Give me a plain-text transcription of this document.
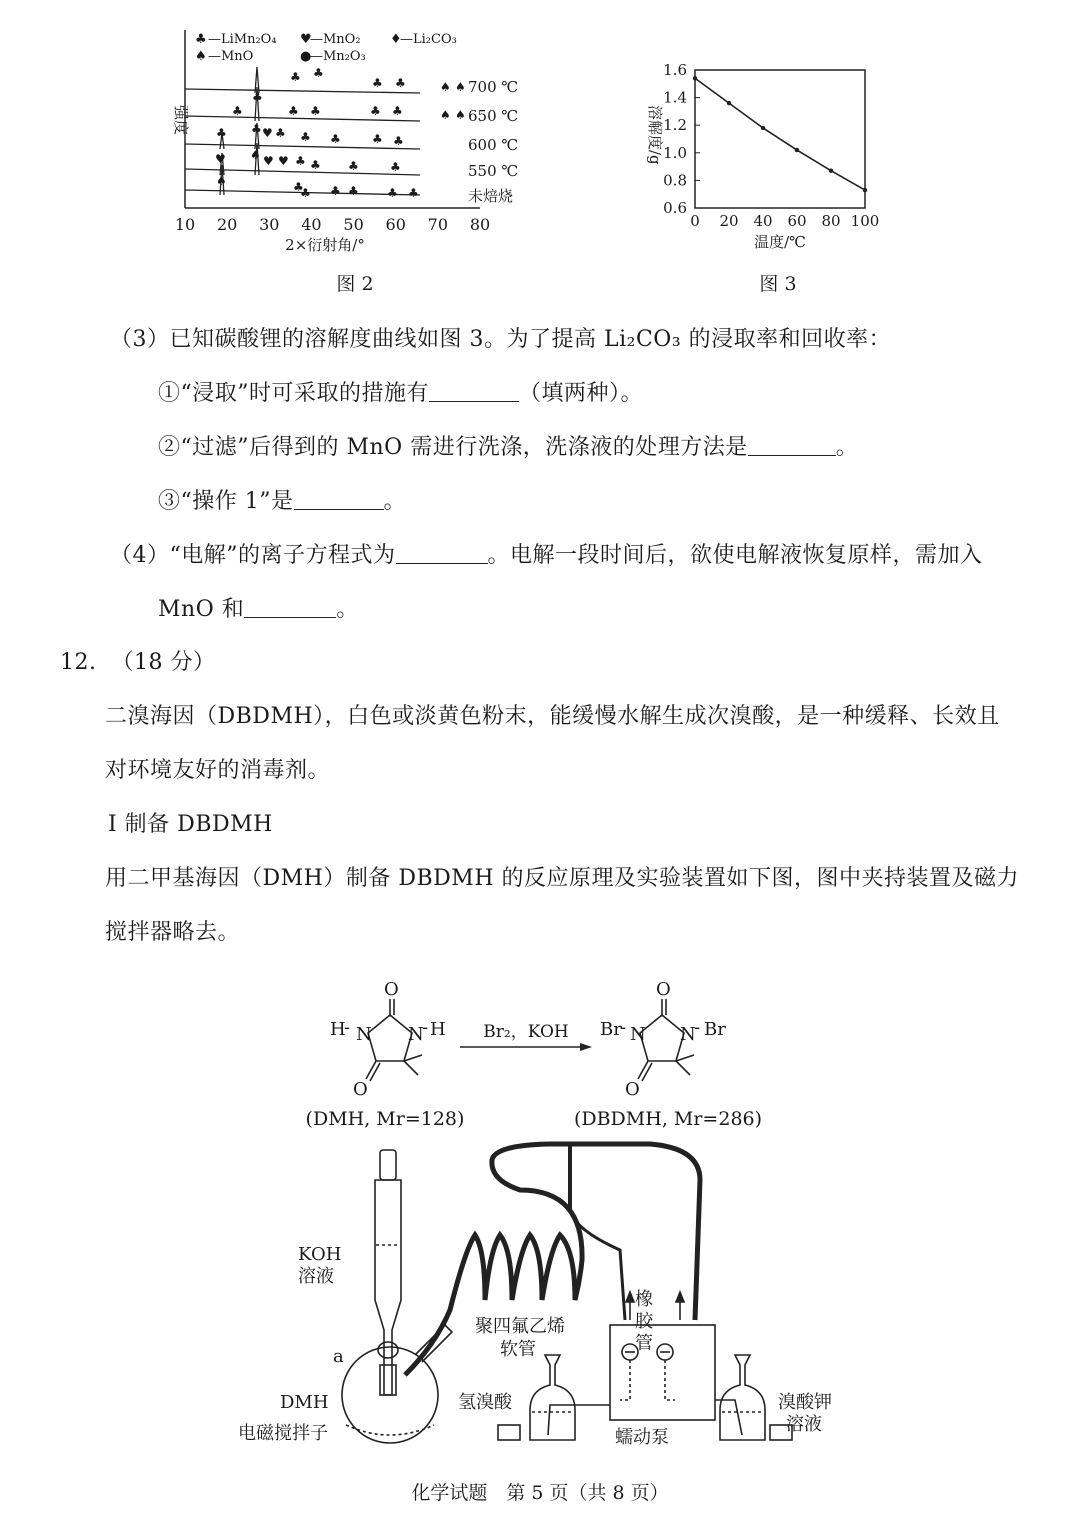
强度
10 20 30 40 50 60 70 80
2×衍射角/°
♣ —LiMn₂O₄ ♥
—MnO₂ ♦
—Li₂CO₃
♠ —MnO	●
—Mn₂O₃
♣ ♣
♣ ♣	♠ ♠
♣
♣
♣ ♣	♣ ♣	♠ ♠
♣ ♣ ♥ ♣ ♣ ♣	♣ ♣
♥ ♠ ♥ ♥ ♣ ♣ ♣	♣
♠	♣
♣ ♣ ♣ ♣ ♣
700 ℃
650 ℃
600 ℃
550 ℃
未焙烧
图 2
溶解度/g
1.6
1.4
1.2
1.0
0.8
0.6
0 20 40 60 80 100
温度/℃
图 3
（3）已知碳酸锂的溶解度曲线如图 3。为了提高 Li₂CO₃ 的浸取率和回收率：
①“浸取”时可采取的措施有	（填两种）。
②“过滤”后得到的 MnO 需进行洗涤，洗涤液的处理方法是	。
③“操作 1”是	。
（4）“电解”的离子方程式为	。电解一段时间后，欲使电解液恢复原样，需加入
MnO 和	。
12. （18 分）
二溴海因（DBDMH），白色或淡黄色粉末，能缓慢水解生成次溴酸，是一种缓释、长效且
对环境友好的消毒剂。
Ⅰ 制备 DBDMH
用二甲基海因（DMH）制备 DBDMH 的反应原理及实验装置如下图，图中夹持装置及磁力
搅拌器略去。
O
H
- N N
- H
O
Br₂，KOH
O
Br
- N N
- Br
O
(DMH, Mr=128)	(DBDMH, Mr=286)
KOH
溶液
a
DMH
电磁搅拌子
聚四氟乙烯
软管
橡
胶
管
氢溴酸
蠕动泵
溴酸钾
溶液
化学试题　第 5 页（共 8 页）
